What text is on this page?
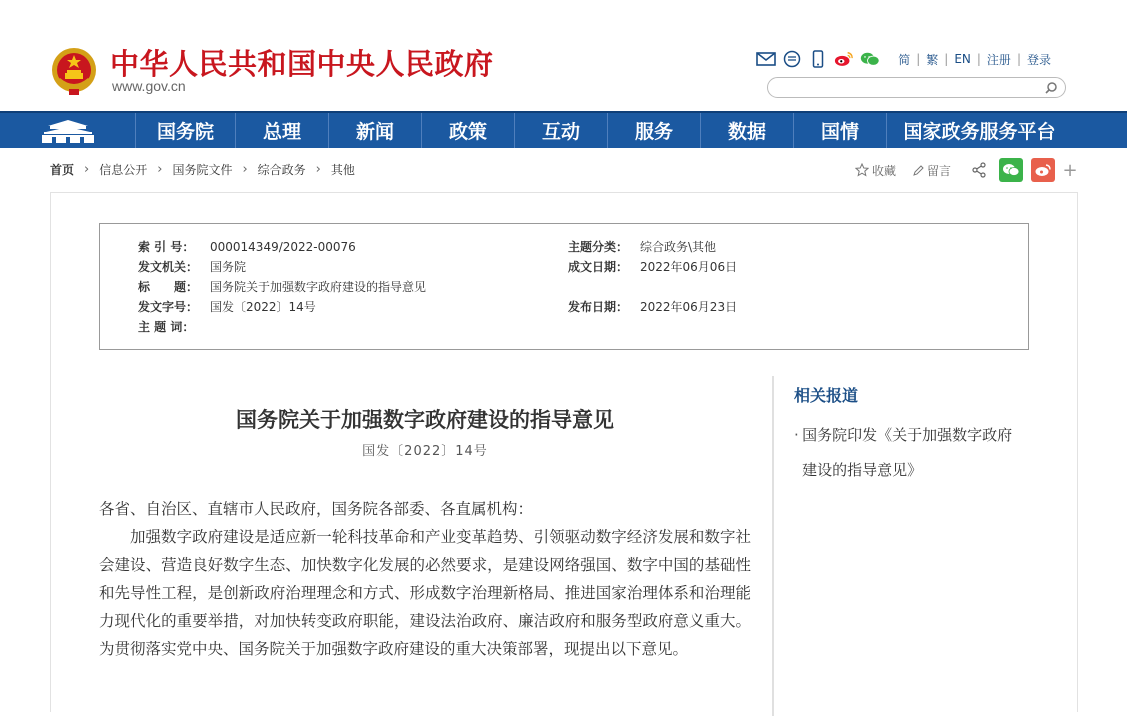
中华人民共和国中央人民政府
www.gov.cn
简 | 繁 | EN | 注册 | 登录
国务院	总理	新闻	政策	互动	服务	数据	国情	国家政务服务平台
首页 › 信息公开 › 国务院文件 › 综合政务 › 其他	收藏	留言	+
索 引 号：	000014349/2022-00076	主题分类： 综合政务\其他
发文机关： 国务院	成文日期： 2022年06月06日
标　　题： 国务院关于加强数字政府建设的指导意见
发文字号： 国发〔2022〕14号	发布日期： 2022年06月23日
主 题 词：
国务院关于加强数字政府建设的指导意见
国发〔2022〕14号

各省、自治区、直辖市人民政府，国务院各部委、各直属机构：

加强数字政府建设是适应新一轮科技革命和产业变革趋势、引领驱动数字经济发展和数字社会建设、营造良好数字生态、加快数字化发展的必然要求，是建设网络强国、数字中国的基础性和先导性工程，是创新政府治理理念和方式、形成数字治理新格局、推进国家治理体系和治理能力现代化的重要举措，对加快转变政府职能，建设法治政府、廉洁政府和服务型政府意义重大。为贯彻落实党中央、国务院关于加强数字政府建设的重大决策部署，现提出以下意见。

相关报道
· 国务院印发《关于加强数字政府建设的指导意见》
